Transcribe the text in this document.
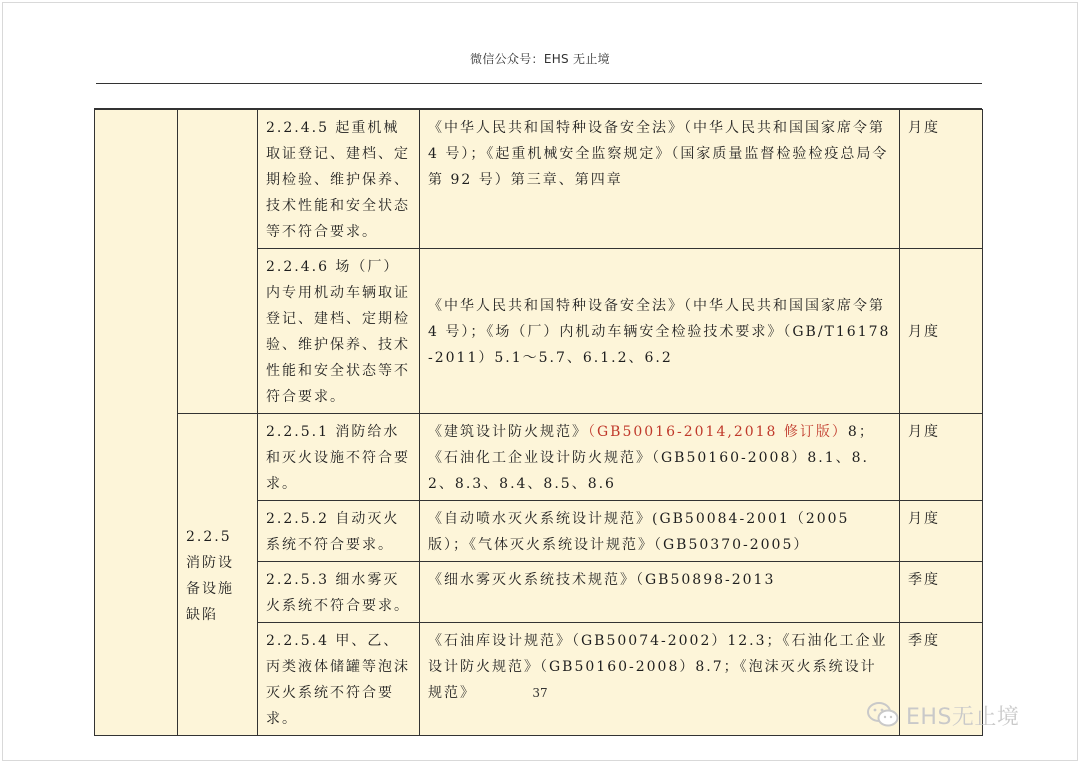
微信公众号：EHS 无止境
		2.2.4.5 起重机械取证登记、建档、定期检验、维护保养、技术性能和安全状态等不符合要求。	《中华人民共和国特种设备安全法》（中华人民共和国国家席令第 4 号）；《起重机械安全监察规定》（国家质量监督检验检疫总局令第 92 号）第三章、第四章	月度
		2.2.4.6 场（厂）内专用机动车辆取证登记、建档、定期检验、维护保养、技术性能和安全状态等不符合要求。	《中华人民共和国特种设备安全法》（中华人民共和国国家席令第 4 号）；《场（厂）内机动车辆安全检验技术要求》（GB/T16178-2011）5.1～5.7、6.1.2、6.2	月度
	2.2.5 消防设备设施缺陷	2.2.5.1 消防给水和灭火设施不符合要求。	《建筑设计防火规范》（GB50016-2014,2018 修订版）8；《石油化工企业设计防火规范》（GB50160-2008）8.1、8.2、8.3、8.4、8.5、8.6	月度
		2.2.5.2 自动灭火系统不符合要求。	《自动喷水灭火系统设计规范》(GB50084-2001（2005 版）；《气体灭火系统设计规范》（GB50370-2005）	月度
		2.2.5.3 细水雾灭火系统不符合要求。	《细水雾灭火系统技术规范》（GB50898-2013	季度
		2.2.5.4 甲、乙、丙类液体储罐等泡沫灭火系统不符合要求。	《石油库设计规范》（GB50074-2002）12.3；《石油化工企业设计防火规范》（GB50160-2008）8.7；《泡沫灭火系统设计规范》	季度
37
EHS无止境
